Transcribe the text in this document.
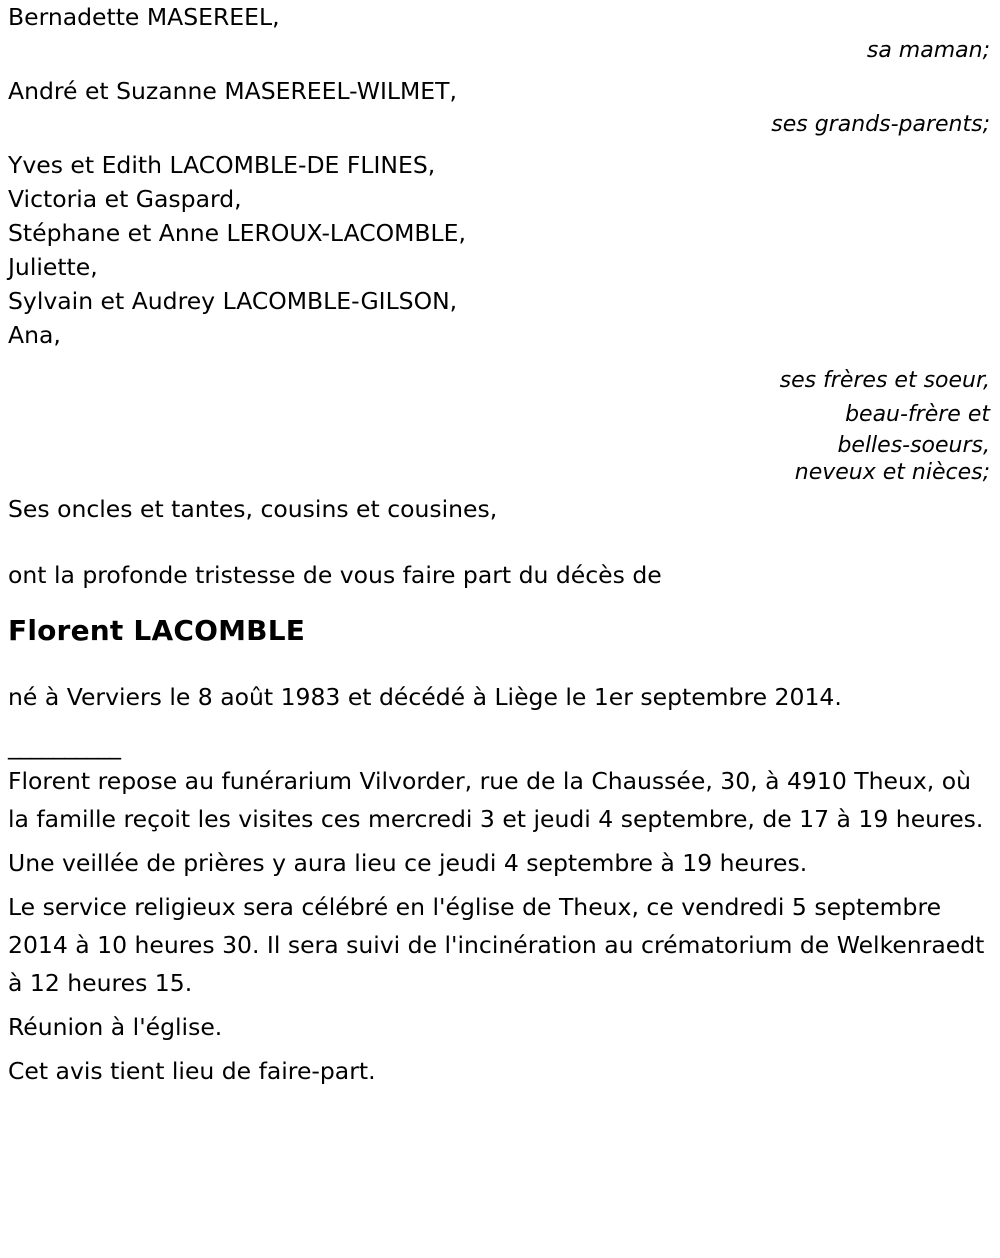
Bernadette MASEREEL,
sa maman;
André et Suzanne MASEREEL-WILMET,
ses grands-parents;
Yves et Edith LACOMBLE-DE FLINES,
Victoria et Gaspard,
Stéphane et Anne LEROUX-LACOMBLE,
Juliette,
Sylvain et Audrey LACOMBLE-GILSON,
Ana,
ses frères et soeur,
beau-frère et
belles-soeurs,
neveux et nièces;
Ses oncles et tantes, cousins et cousines,
ont la profonde tristesse de vous faire part du décès de
Florent LACOMBLE
né à Verviers le 8 août 1983 et décédé à Liège le 1er septembre 2014.
__________
Florent repose au funérarium Vilvorder, rue de la Chaussée, 30, à 4910 Theux, où la famille reçoit les visites ces mercredi 3 et jeudi 4 septembre, de 17 à 19 heures.
Une veillée de prières y aura lieu ce jeudi 4 septembre à 19 heures.
Le service religieux sera célébré en l'église de Theux, ce vendredi 5 septembre 2014 à 10 heures 30. Il sera suivi de l'incinération au crématorium de Welkenraedt à 12 heures 15.
Réunion à l'église.
Cet avis tient lieu de faire-part.
